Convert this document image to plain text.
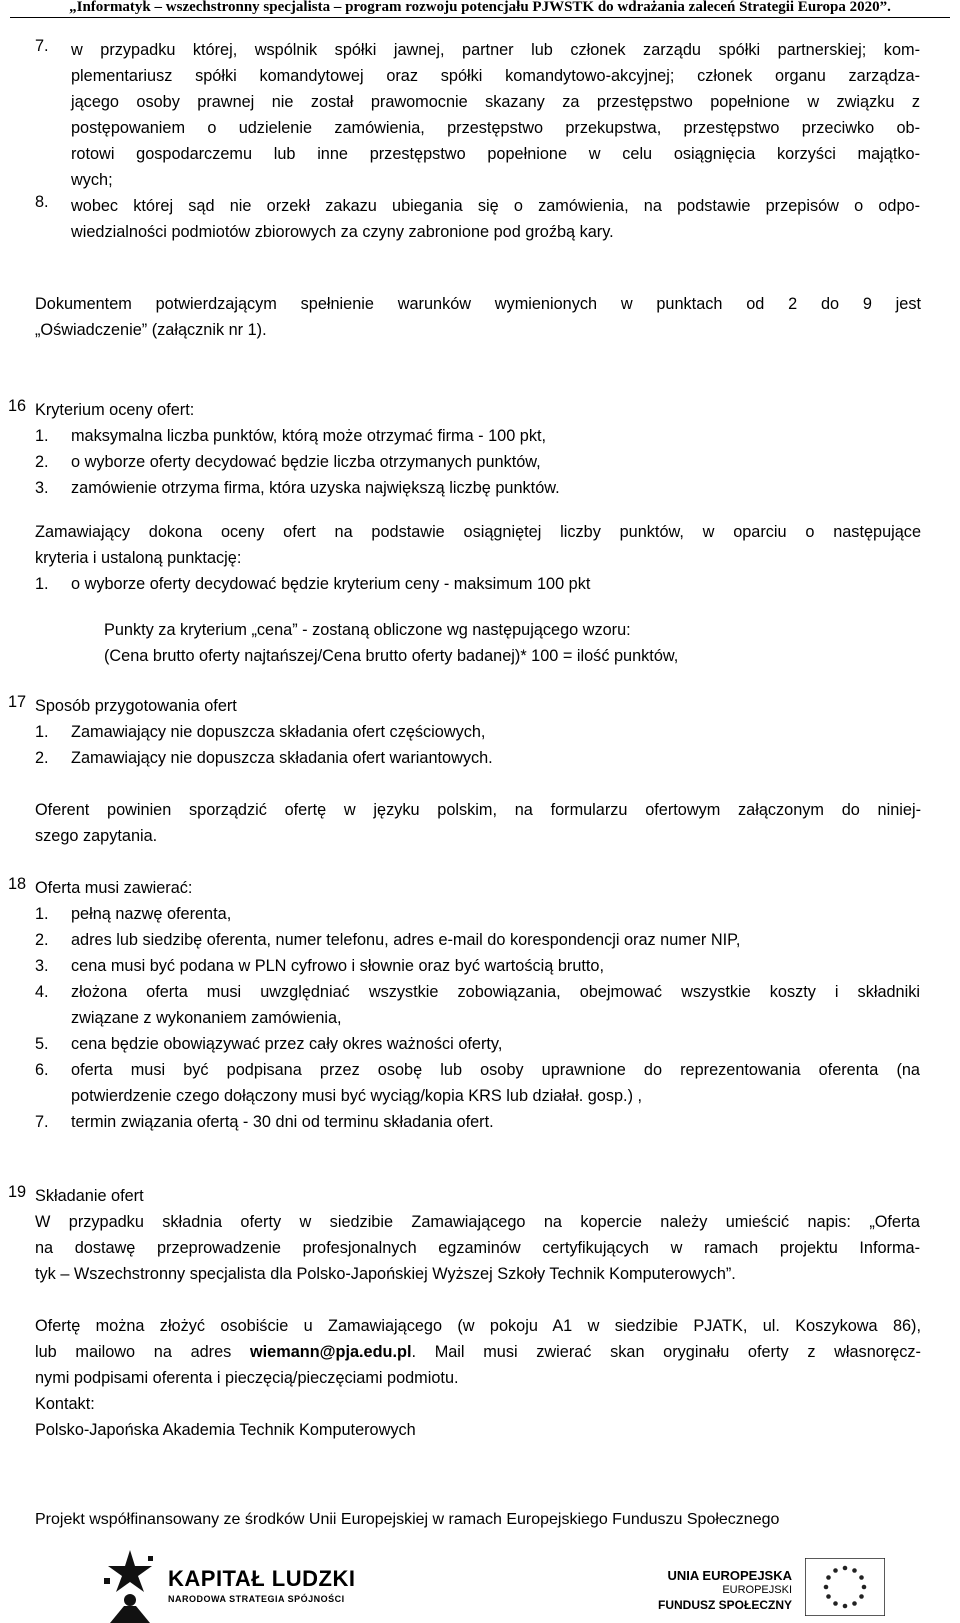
„Informatyk – wszechstronny specjalista – program rozwoju potencjału PJWSTK do wdrażania zaleceń Strategii Europa 2020”.
7. w przypadku której, wspólnik spółki jawnej, partner lub członek zarządu spółki partnerskiej; kom-
plementariusz spółki komandytowej oraz spółki komandytowo-akcyjnej; członek organu zarządza-
jącego osoby prawnej nie został prawomocnie skazany za przestępstwo popełnione w związku z
postępowaniem o udzielenie zamówienia, przestępstwo przekupstwa, przestępstwo przeciwko ob-
rotowi gospodarczemu lub inne przestępstwo popełnione w celu osiągnięcia korzyści majątko-
wych;
8. wobec której sąd nie orzekł zakazu ubiegania się o zamówienia, na podstawie przepisów o odpo-
wiedzialności podmiotów zbiorowych za czyny zabronione pod groźbą kary.
Dokumentem potwierdzającym spełnienie warunków wymienionych w punktach od 2 do 9 jest
„Oświadczenie” (załącznik nr 1).
16 Kryterium oceny ofert:
1. maksymalna liczba punktów, którą może otrzymać firma - 100 pkt,
2. o wyborze oferty decydować będzie liczba otrzymanych punktów,
3. zamówienie otrzyma firma, która uzyska największą liczbę punktów.
Zamawiający dokona oceny ofert na podstawie osiągniętej liczby punktów, w oparciu o następujące
kryteria i ustaloną punktację:
1. o wyborze oferty decydować będzie kryterium ceny - maksimum 100 pkt
Punkty za kryterium „cena” - zostaną obliczone wg następującego wzoru:
(Cena brutto oferty najtańszej/Cena brutto oferty badanej)* 100 = ilość punktów,
17 Sposób przygotowania ofert
1. Zamawiający nie dopuszcza składania ofert częściowych,
2. Zamawiający nie dopuszcza składania ofert wariantowych.
Oferent powinien sporządzić ofertę w języku polskim, na formularzu ofertowym załączonym do niniej-
szego zapytania.
18 Oferta musi zawierać:
1. pełną nazwę oferenta,
2. adres lub siedzibę oferenta, numer telefonu, adres e-mail do korespondencji oraz numer NIP,
3. cena musi być podana w PLN cyfrowo i słownie oraz być wartością brutto,
4.	złożona oferta musi uwzględniać wszystkie zobowiązania, obejmować wszystkie koszty i składniki
związane z wykonaniem zamówienia,
5. cena będzie obowiązywać przez cały okres ważności oferty,
6.	oferta musi być podpisana przez osobę lub osoby uprawnione do reprezentowania oferenta (na
potwierdzenie czego dołączony musi być wyciąg/kopia KRS lub działał. gosp.) ,
7. termin związania ofertą - 30 dni od terminu składania ofert.
19 Składanie ofert
W przypadku składnia oferty w siedzibie Zamawiającego na kopercie należy umieścić napis: „Oferta
na dostawę przeprowadzenie profesjonalnych egzaminów certyfikujących w ramach projektu Informa-
tyk – Wszechstronny specjalista dla Polsko-Japońskiej Wyższej Szkoły Technik Komputerowych”.
Ofertę można złożyć osobiście u Zamawiającego (w pokoju A1 w siedzibie PJATK, ul. Koszykowa 86),
lub mailowo na adres wiemann@pja.edu.pl. Mail musi zwierać skan oryginału oferty z własnoręcz-
nymi podpisami oferenta i pieczęcią/pieczęciami podmiotu.
Kontakt:
Polsko-Japońska Akademia Technik Komputerowych
Projekt współfinansowany ze środków Unii Europejskiej w ramach Europejskiego Funduszu Społecznego
KAPITAŁ LUDZKI
NARODOWA STRATEGIA SPÓJNOŚCI
UNIA EUROPEJSKA
EUROPEJSKI
FUNDUSZ SPOŁECZNY
